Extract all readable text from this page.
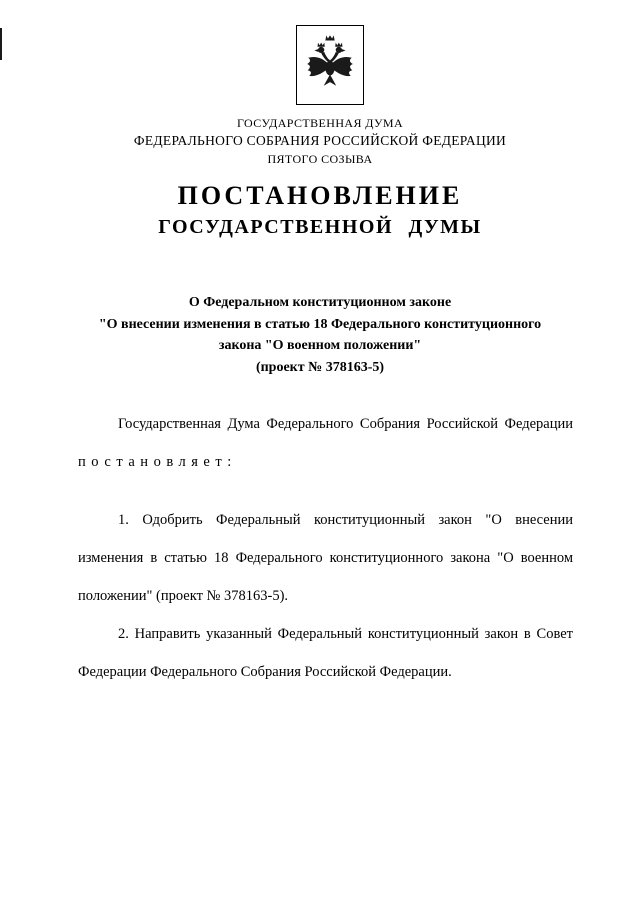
ГОСУДАРСТВЕННАЯ ДУМА
ФЕДЕРАЛЬНОГО СОБРАНИЯ РОССИЙСКОЙ ФЕДЕРАЦИИ
ПЯТОГО СОЗЫВА
ПОСТАНОВЛЕНИЕ
ГОСУДАРСТВЕННОЙ ДУМЫ
О Федеральном конституционном законе
"О внесении изменения в статью 18 Федерального конституционного
закона "О военном положении"
(проект № 378163-5)

Государственная Дума Федерального Собрания Российской Федерации постановляет:

1. Одобрить Федеральный конституционный закон "О внесении изменения в статью 18 Федерального конституционного закона "О военном положении" (проект № 378163-5).

2. Направить указанный Федеральный конституционный закон в Совет Федерации Федерального Собрания Российской Федерации.
